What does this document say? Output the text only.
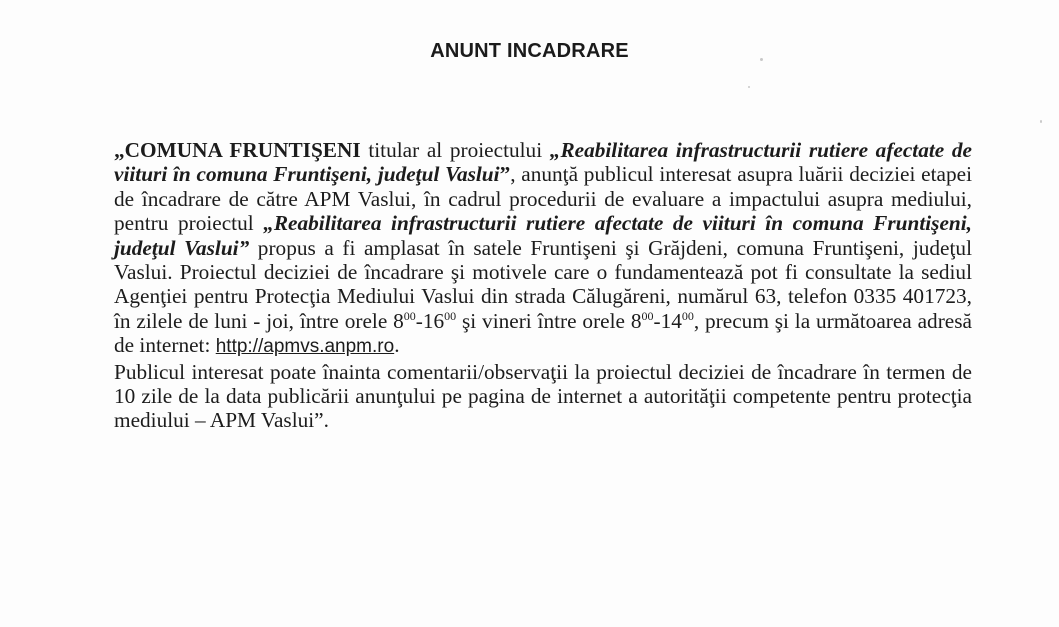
ANUNT INCADRARE

„COMUNA FRUNTIŞENI titular al proiectului „Reabilitarea infrastructurii rutiere afectate de viituri în comuna Fruntişeni, judeţul Vaslui”, anunţă publicul interesat asupra luării deciziei etapei de încadrare de către APM Vaslui, în cadrul procedurii de evaluare a impactului asupra mediului, pentru proiectul „Reabilitarea infrastructurii rutiere afectate de viituri în comuna Fruntişeni, judeţul Vaslui” propus a fi amplasat în satele Fruntişeni şi Grăjdeni, comuna Fruntişeni, judeţul Vaslui. Proiectul deciziei de încadrare şi motivele care o fundamentează pot fi consultate la sediul Agenţiei pentru Protecţia Mediului Vaslui din strada Călugăreni, numărul 63, telefon 0335 401723, în zilele de luni - joi, între orele $8^{00}-16^{00}$ şi vineri între orele $8^{00}-14^{00}$, precum şi la următoarea adresă de internet: http://apmvs.anpm.ro.

Publicul interesat poate înainta comentarii/observaţii la proiectul deciziei de încadrare în termen de 10 zile de la data publicării anunţului pe pagina de internet a autorităţii competente pentru protecţia mediului – APM Vaslui”.
